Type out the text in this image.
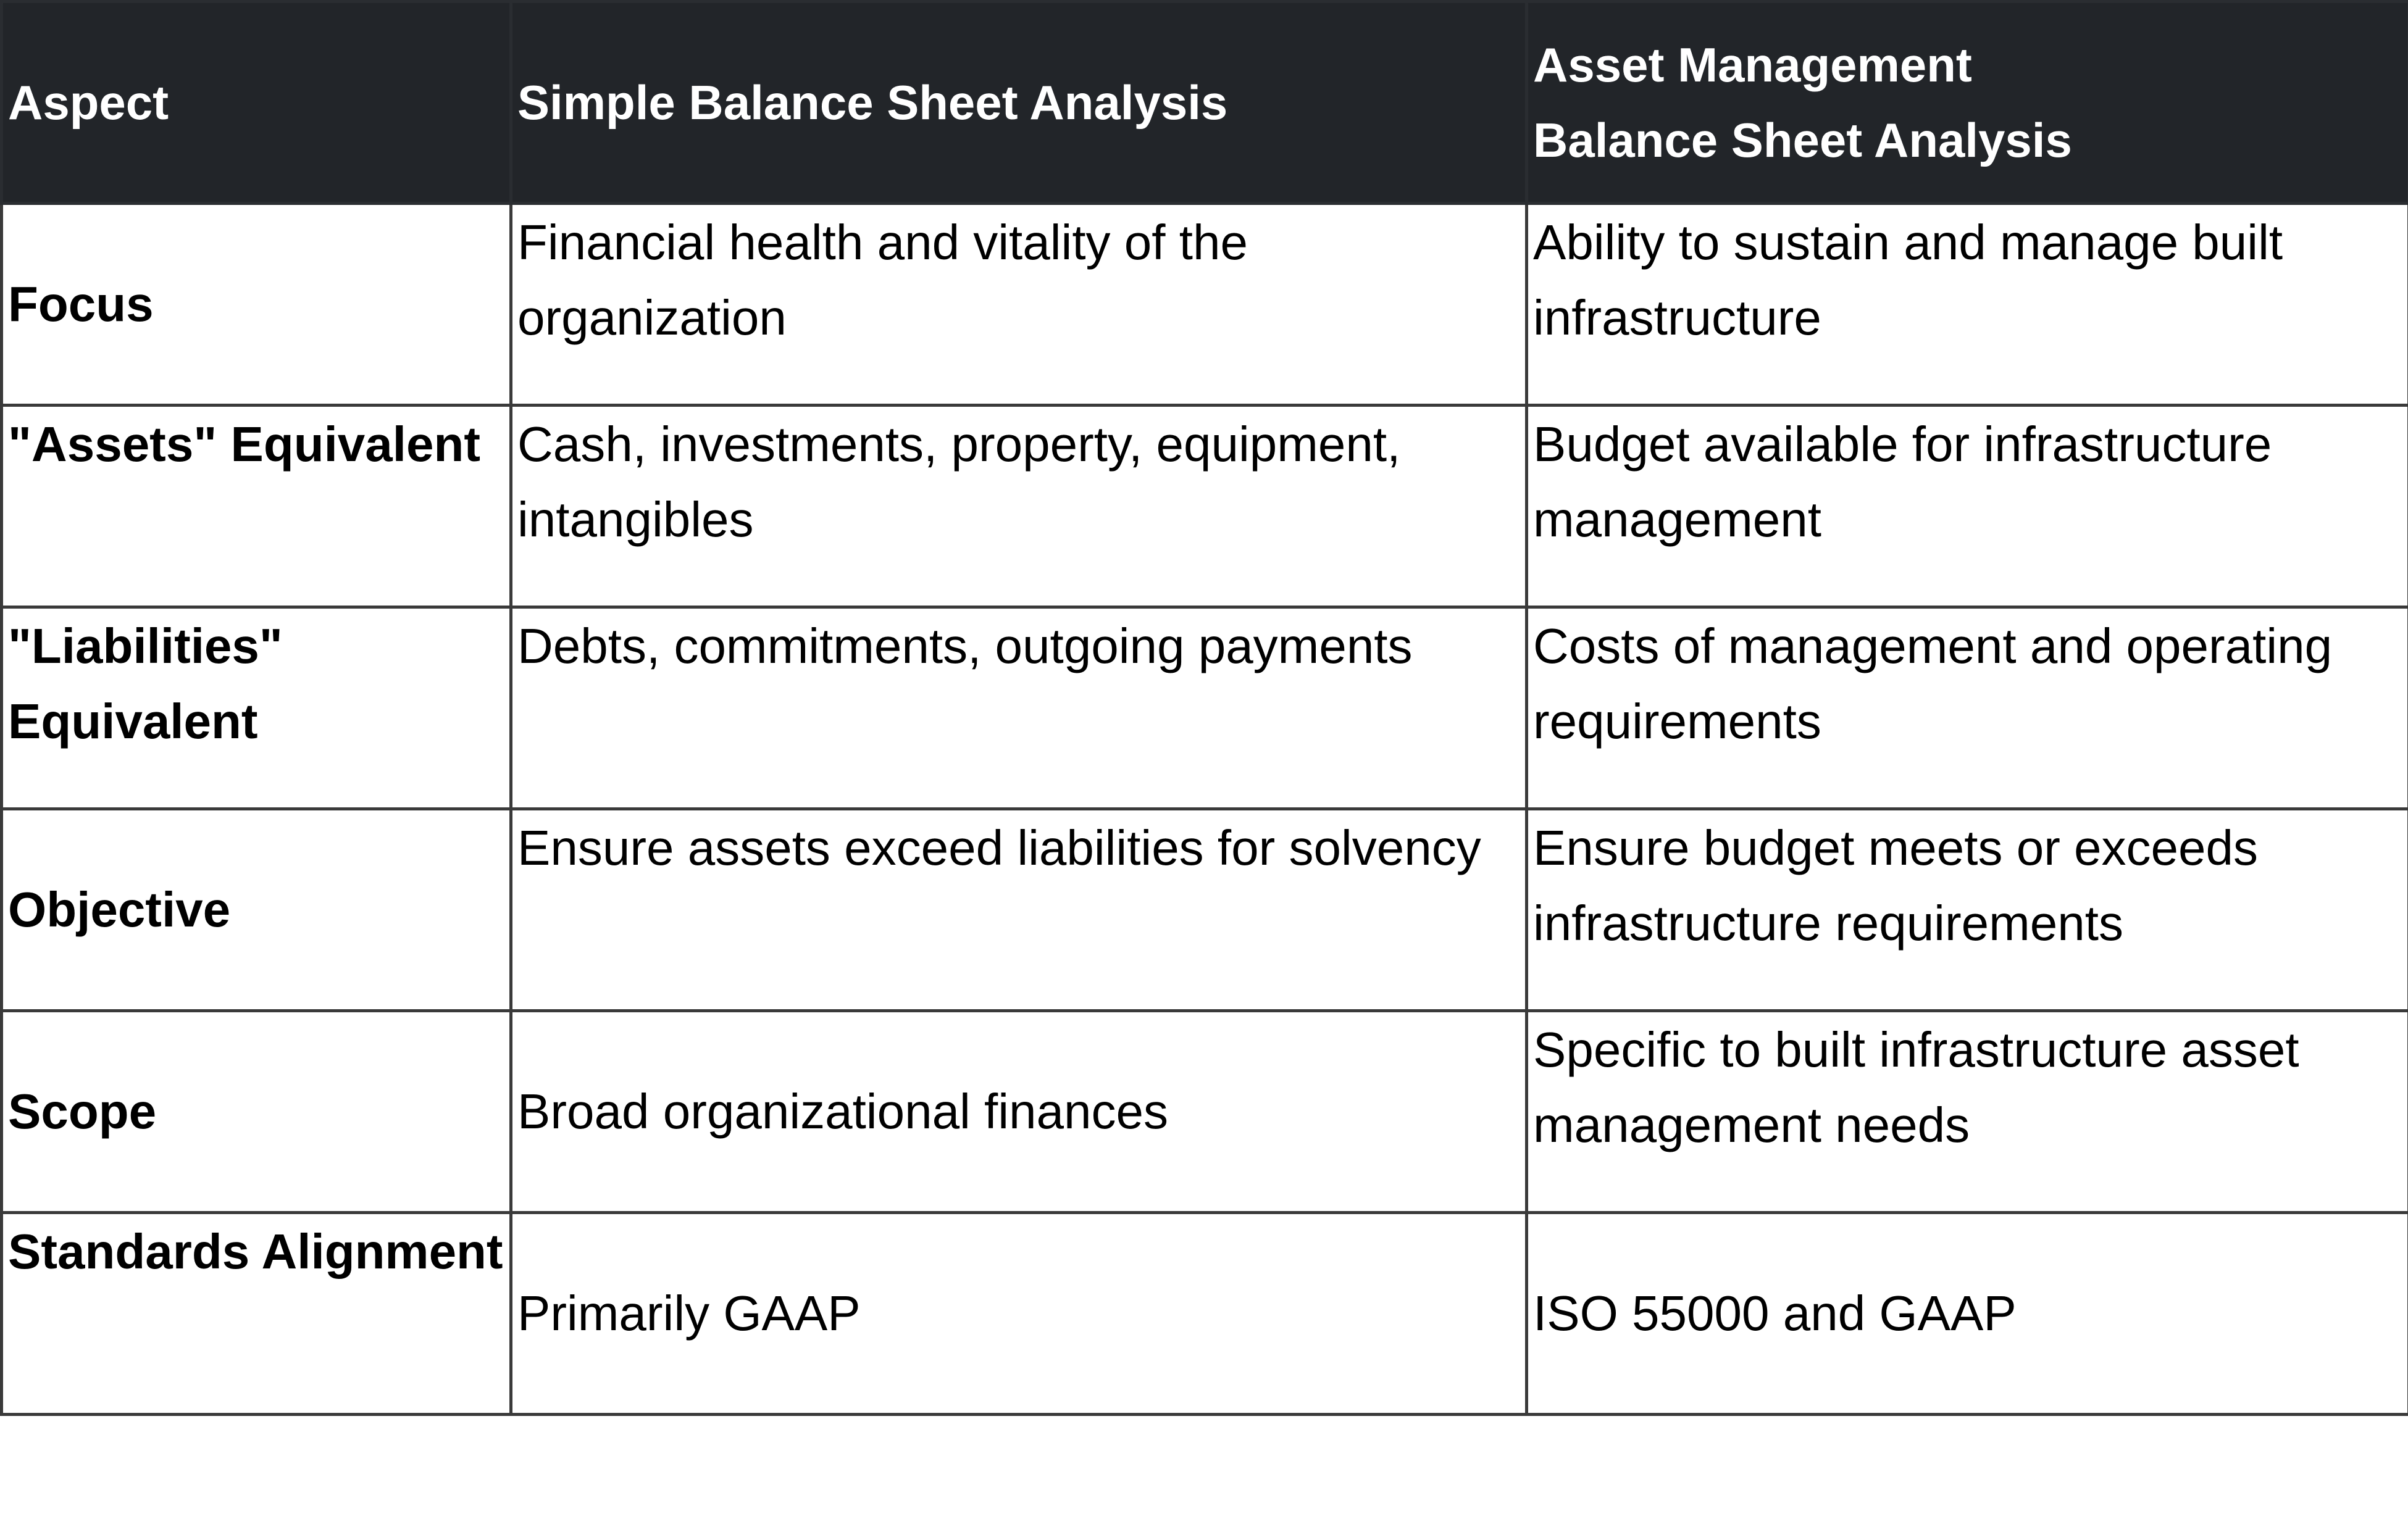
Aspect	Simple Balance Sheet Analysis	Asset Management
Balance Sheet Analysis

Focus	Financial health and vitality of the organization	Ability to sustain and manage built infrastructure

"Assets" Equivalent	Cash, investments, property, equipment, intangibles	Budget available for infrastructure management

"Liabilities" Equivalent	Debts, commitments, outgoing payments	Costs of management and operating requirements

Objective	Ensure assets exceed liabilities for solvency	Ensure budget meets or exceeds infrastructure requirements

Scope	Broad organizational finances	Specific to built infrastructure asset management needs

Standards Alignment	Primarily GAAP	ISO 55000 and GAAP
